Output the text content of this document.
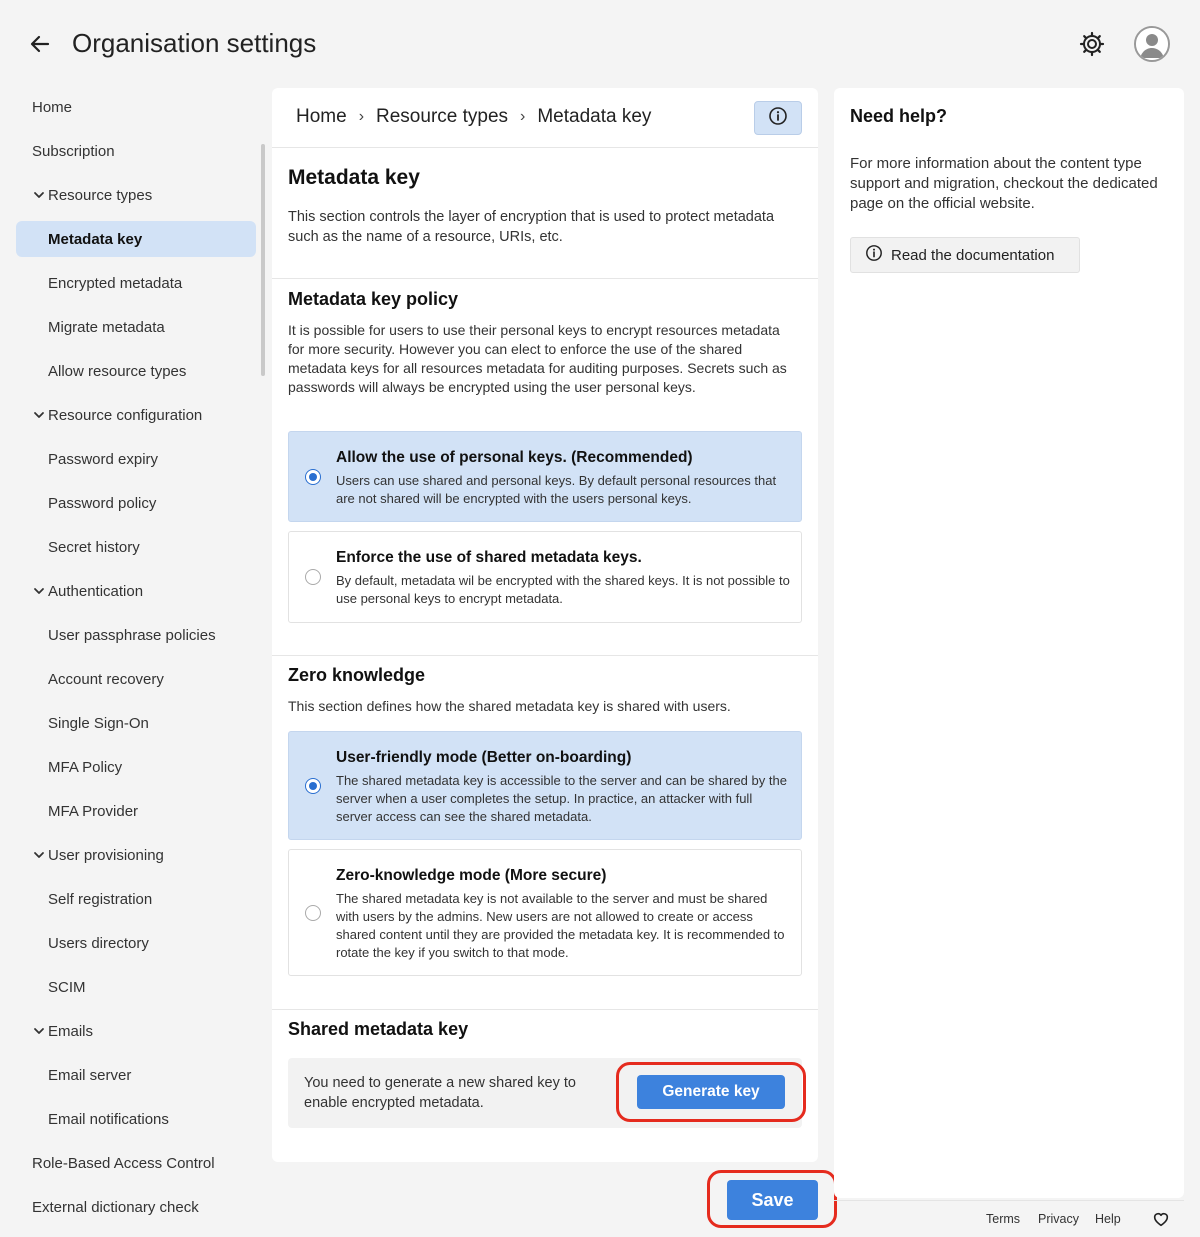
Organisation settings
Home
Subscription
Resource types
Metadata key
Encrypted metadata
Migrate metadata
Allow resource types
Resource configuration
Password expiry
Password policy
Secret history
Authentication
User passphrase policies
Account recovery
Single Sign-On
MFA Policy
MFA Provider
User provisioning
Self registration
Users directory
SCIM
Emails
Email server
Email notifications
Role-Based Access Control
External dictionary check
Home › Resource types › Metadata key
Metadata key
This section controls the layer of encryption that is used to protect metadata such as the name of a resource, URIs, etc.
Metadata key policy
It is possible for users to use their personal keys to encrypt resources metadata for more security. However you can elect to enforce the use of the shared metadata keys for all resources metadata for auditing purposes. Secrets such as passwords will always be encrypted using the user personal keys.
Allow the use of personal keys. (Recommended)
Users can use shared and personal keys. By default personal resources that are not shared will be encrypted with the users personal keys.
Enforce the use of shared metadata keys.
By default, metadata wil be encrypted with the shared keys. It is not possible to use personal keys to encrypt metadata.
Zero knowledge
This section defines how the shared metadata key is shared with users.
User-friendly mode (Better on-boarding)
The shared metadata key is accessible to the server and can be shared by the server when a user completes the setup. In practice, an attacker with full server access can see the shared metadata.
Zero-knowledge mode (More secure)
The shared metadata key is not available to the server and must be shared with users by the admins. New users are not allowed to create or access shared content until they are provided the metadata key. It is recommended to rotate the key if you switch to that mode.
Shared metadata key
You need to generate a new shared key to enable encrypted metadata.
Generate key
Save
Need help?
For more information about the content type support and migration, checkout the dedicated page on the official website.
Read the documentation
Terms Privacy Help
